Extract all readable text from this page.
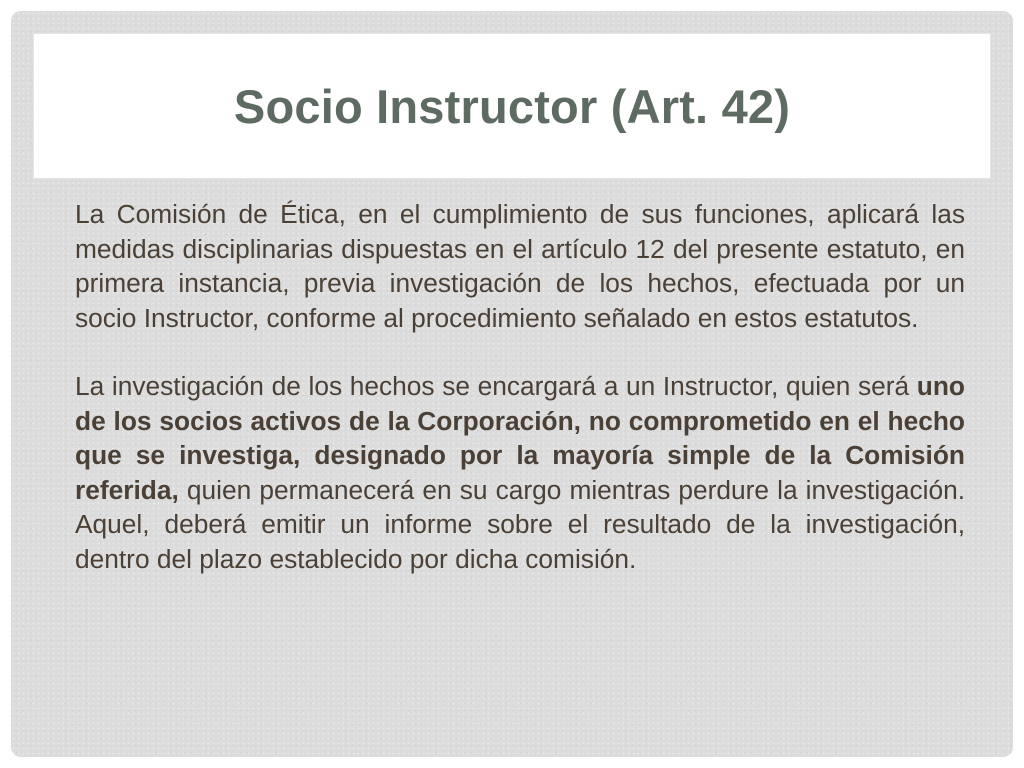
Socio Instructor (Art. 42)

La Comisión de Ética, en el cumplimiento de sus funciones, aplicará las medidas disciplinarias dispuestas en el artículo 12 del presente estatuto, en primera instancia, previa investigación de los hechos, efectuada por un socio Instructor, conforme al procedimiento señalado en estos estatutos.

La investigación de los hechos se encargará a un Instructor, quien será uno de los socios activos de la Corporación, no comprometido en el hecho que se investiga, designado por la mayoría simple de la Comisión referida, quien permanecerá en su cargo mientras perdure la investigación. Aquel, deberá emitir un informe sobre el resultado de la investigación, dentro del plazo establecido por dicha comisión.
